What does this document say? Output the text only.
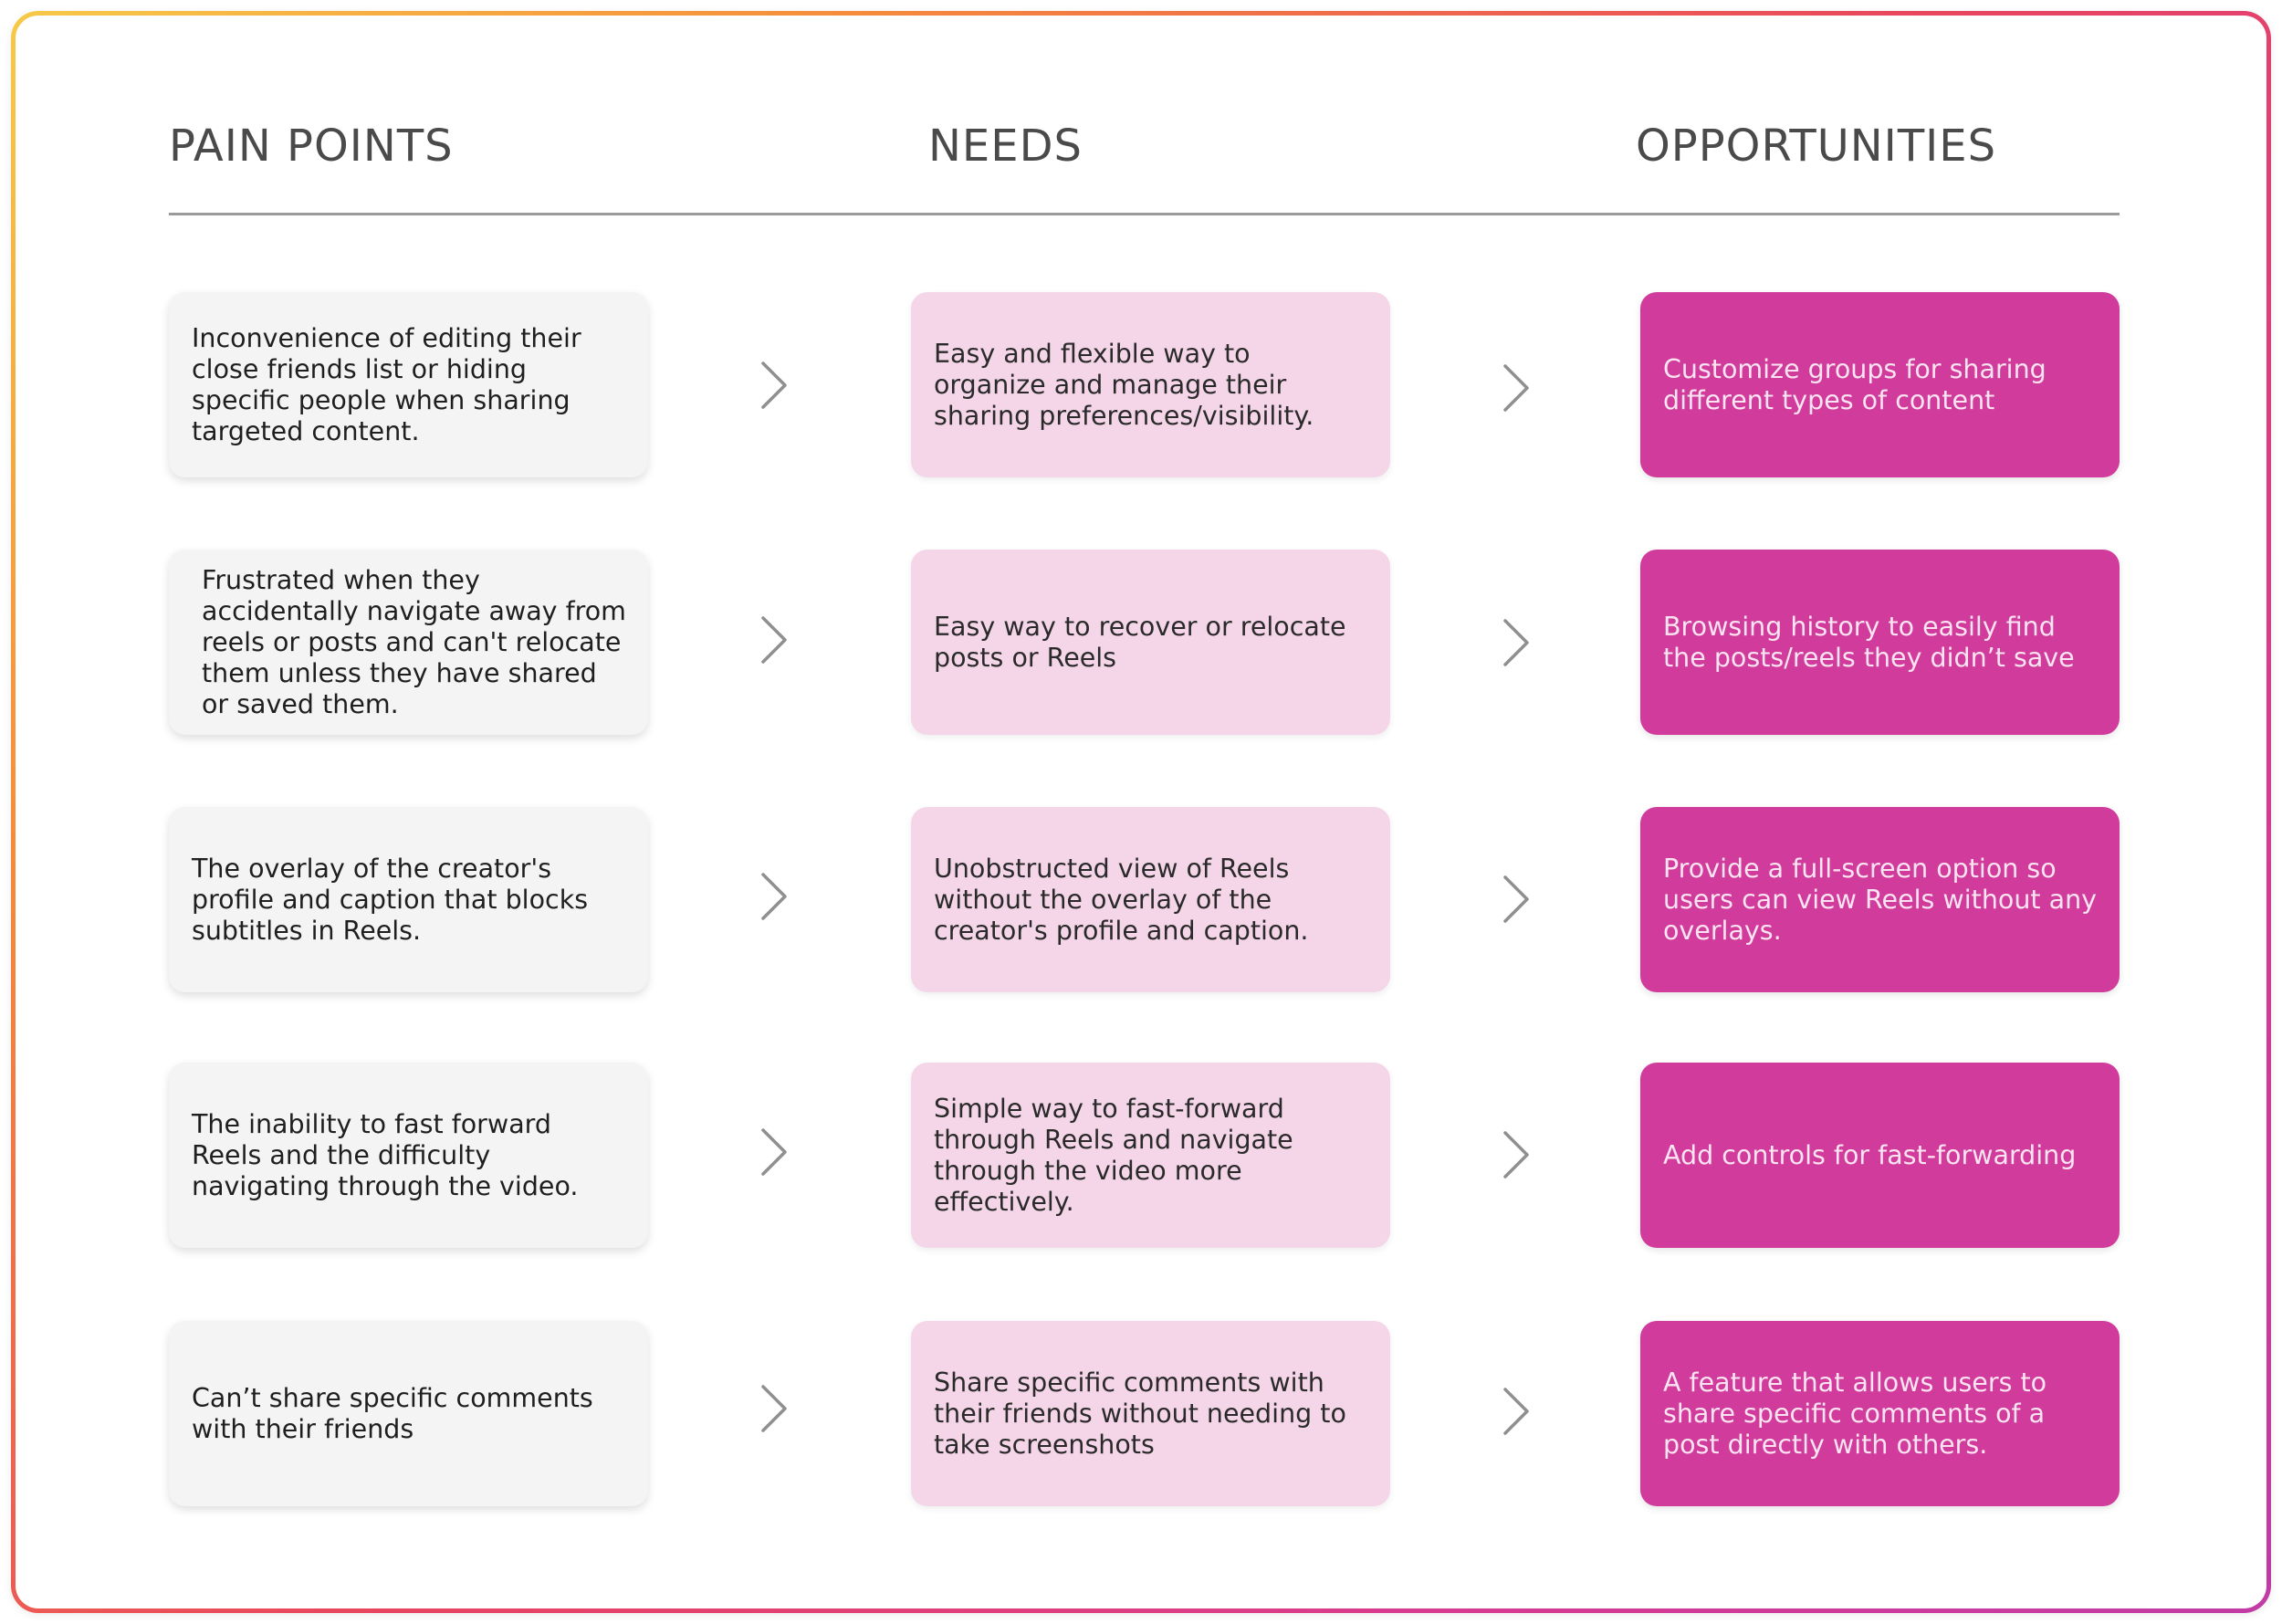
PAIN POINTS	NEEDS	OPPORTUNITIES
Inconvenience of editing their close friends list or hiding specific people when sharing targeted content.
Easy and flexible way to organize and manage their sharing preferences/visibility.
Customize groups for sharing different types of content
Frustrated when they accidentally navigate away from reels or posts and can't relocate them unless they have shared or saved them.
Easy way to recover or relocate posts or Reels
Browsing history to easily find the posts/reels they didn’t save
The overlay of the creator's profile and caption that blocks subtitles in Reels.
Unobstructed view of Reels without the overlay of the creator's profile and caption.
Provide a full-screen option so users can view Reels without any overlays.
The inability to fast forward Reels and the difficulty navigating through the video.
Simple way to fast-forward through Reels and navigate through the video more effectively.
Add controls for fast-forwarding
Can’t share specific comments with their friends
Share specific comments with their friends without needing to take screenshots
A feature that allows users to share specific comments of a post directly with others.
